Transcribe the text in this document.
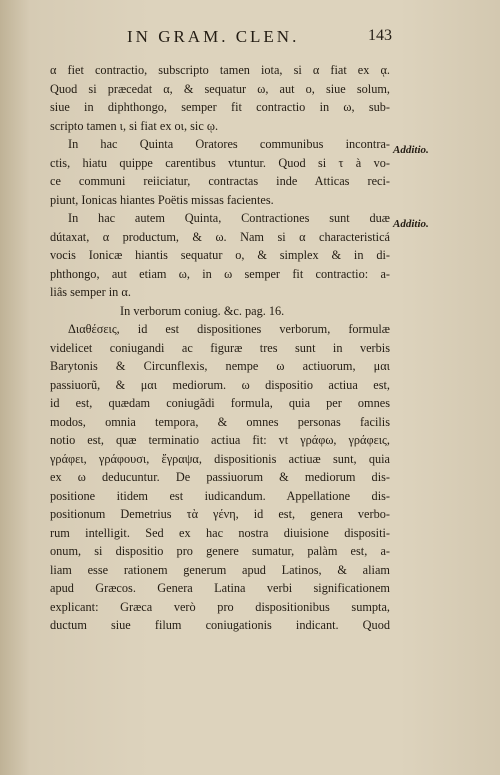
IN GRAM. CLEN.	143
Additio.
Additio.
α fiet contractio, subscripto tamen iota, si α fiat ex ᾳ.
Quod si præcedat α, & sequatur ω, aut ο, siue solum,
siue in diphthongo, semper fit contractio in ω, sub-
scripto tamen ι, si fiat ex οι, sic ῳ.
In hac Quinta Oratores communibus incontra-
ctis, hiatu quippe carentibus vtuntur. Quod si τ à vo-
ce communi reiiciatur, contractas inde Atticas reci-
piunt, Ionicas hiantes Poëtis missas facientes.
In hac autem Quinta, Contractiones sunt duæ
dútaxat, α productum, & ω. Nam si α characteristicá
vocis Ionicæ hiantis sequatur ο, & simplex & in di-
phthongo, aut etiam ω, in ω semper fit contractio: a-
liâs semper in α.
In verborum coniug. &c. pag. 16.
Διαθέσεις, id est dispositiones verborum, formulæ
videlicet coniugandi ac figuræ tres sunt in verbis
Barytonis & Circunflexis, nempe ω actiuorum, μαι
passiuorũ, & μαι mediorum. ω dispositio actiua est,
id est, quædam coniugãdi formula, quia per omnes
modos, omnia tempora, & omnes personas facilis
notio est, quæ terminatio actiua fit: vt γράφω, γράφεις,
γράφει, γράφουσι, ἔγραψα, dispositionis actiuæ sunt, quia
ex ω deducuntur. De passiuorum & mediorum dis-
positione itidem est iudicandum. Appellatione dis-
positionum Demetrius τὰ γένη, id est, genera verbo-
rum intelligit. Sed ex hac nostra diuisione dispositi-
onum, si dispositio pro genere sumatur, palàm est, a-
liam esse rationem generum apud Latinos, & aliam
apud Græcos. Genera Latina verbi significationem
explicant: Græca verò pro dispositionibus sumpta,
ductum siue filum coniugationis indicant. Quod
